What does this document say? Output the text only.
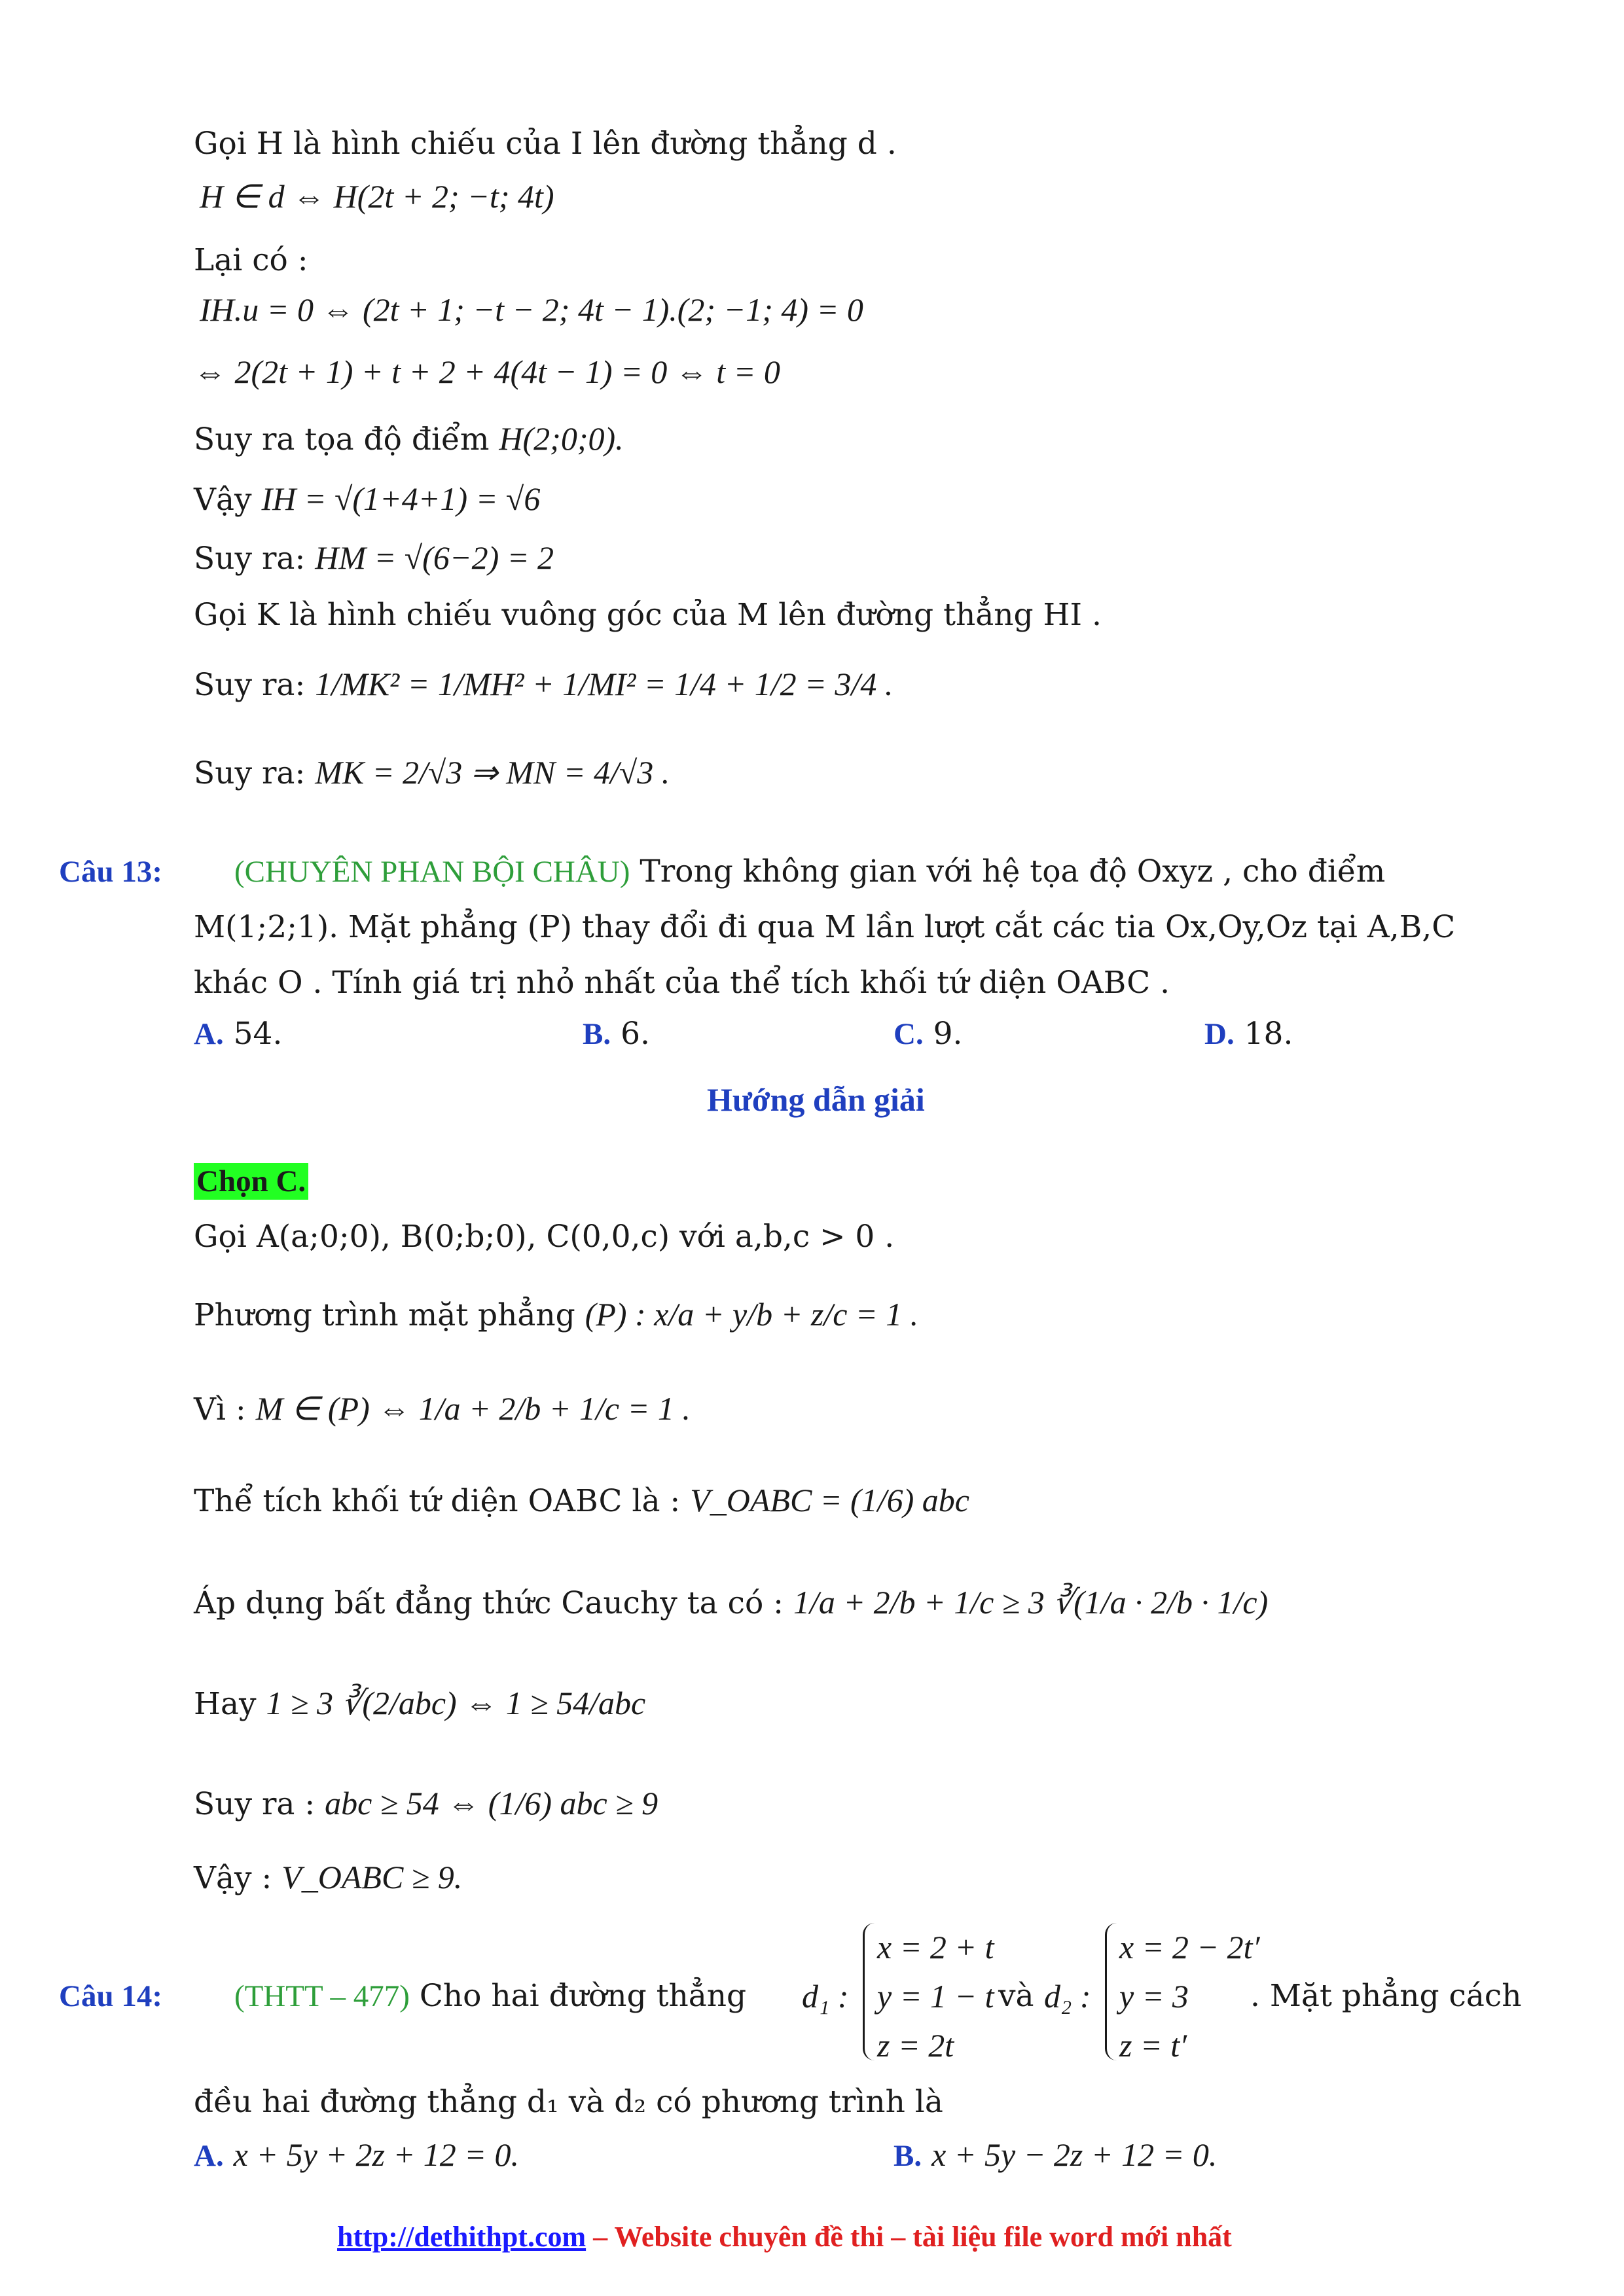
Gọi H là hình chiếu của I lên đường thẳng d .
H ∈ d ⇔ H(2t + 2; −t; 4t)
Lại có :
IH.u = 0 ⇔ (2t + 1; −t − 2; 4t − 1).(2; −1; 4) = 0
⇔ 2(2t + 1) + t + 2 + 4(4t − 1) = 0 ⇔ t = 0
Suy ra tọa độ điểm H(2;0;0).
Vậy IH = √(1+4+1) = √6
Suy ra: HM = √(6−2) = 2
Gọi K là hình chiếu vuông góc của M lên đường thẳng HI .
Suy ra: 1/MK² = 1/MH² + 1/MI² = 1/4 + 1/2 = 3/4 .
Suy ra: MK = 2/√3 ⇒ MN = 4/√3 .
Câu 13: (CHUYÊN PHAN BỘI CHÂU) Trong không gian với hệ tọa độ Oxyz , cho điểm
M(1;2;1). Mặt phẳng (P) thay đổi đi qua M lần lượt cắt các tia Ox,Oy,Oz tại A,B,C
khác O . Tính giá trị nhỏ nhất của thể tích khối tứ diện OABC .
A. 54.	B. 6.	C. 9.	D. 18.
Hướng dẫn giải
Chọn C.
Gọi A(a;0;0), B(0;b;0), C(0,0,c) với a,b,c > 0 .
Phương trình mặt phẳng (P) : x/a + y/b + z/c = 1 .
Vì : M ∈ (P) ⇔ 1/a + 2/b + 1/c = 1 .
Thể tích khối tứ diện OABC là : V_OABC = (1/6) abc
Áp dụng bất đẳng thức Cauchy ta có : 1/a + 2/b + 1/c ≥ 3 ∛(1/a · 2/b · 1/c)
Hay 1 ≥ 3 ∛(2/abc) ⇔ 1 ≥ 54/abc
Suy ra : abc ≥ 54 ⇔ (1/6) abc ≥ 9
Vậy : V_OABC ≥ 9.
Câu 14: (THTT – 477) Cho hai đường thẳng d₁ :
x = 2 + t
y = 1 − t
z = 2t
và d₂ :
x = 2 − 2t′
y = 3
z = t′
. Mặt phẳng cách
đều hai đường thẳng d₁ và d₂ có phương trình là
A. x + 5y + 2z + 12 = 0.	B. x + 5y − 2z + 12 = 0.
http://dethithpt.com – Website chuyên đề thi – tài liệu file word mới nhất
